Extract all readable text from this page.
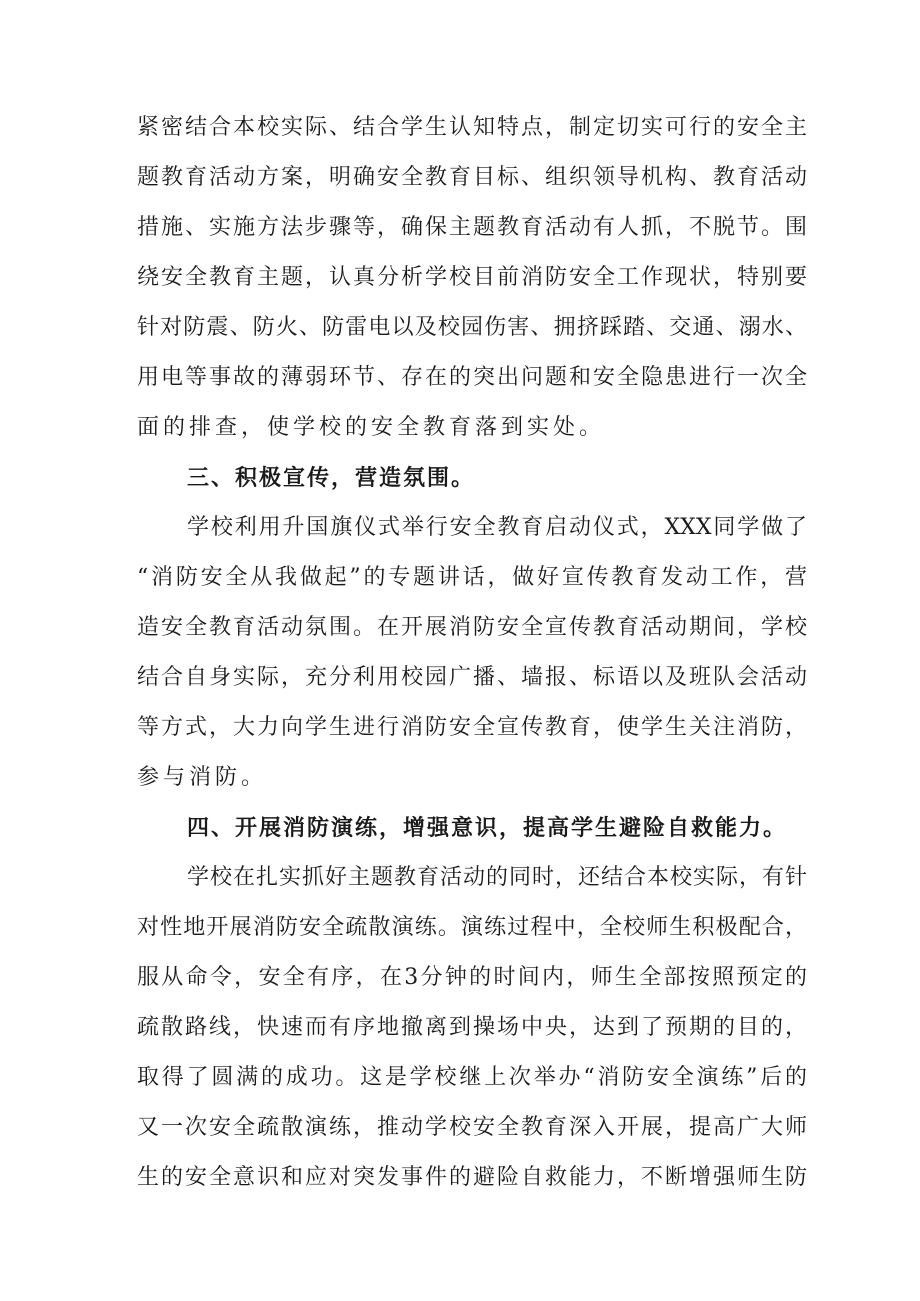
紧密结合本校实际、结合学生认知特点，制定切实可行的安全主
题教育活动方案，明确安全教育目标、组织领导机构、教育活动
措施、实施方法步骤等，确保主题教育活动有人抓，不脱节。围
绕安全教育主题，认真分析学校目前消防安全工作现状，特别要
针对防震、防火、防雷电以及校园伤害、拥挤踩踏、交通、溺水、
用电等事故的薄弱环节、存在的突出问题和安全隐患进行一次全
面的排查，使学校的安全教育落到实处。
三、积极宣传，营造氛围。
学校利用升国旗仪式举行安全教育启动仪式，XXX同学做了
“消防安全从我做起”的专题讲话，做好宣传教育发动工作，营
造安全教育活动氛围。在开展消防安全宣传教育活动期间，学校
结合自身实际，充分利用校园广播、墙报、标语以及班队会活动
等方式，大力向学生进行消防安全宣传教育，使学生关注消防，
参与消防。
四、开展消防演练，增强意识，提高学生避险自救能力。
学校在扎实抓好主题教育活动的同时，还结合本校实际，有针
对性地开展消防安全疏散演练。演练过程中，全校师生积极配合，
服从命令，安全有序，在3分钟的时间内，师生全部按照预定的
疏散路线，快速而有序地撤离到操场中央，达到了预期的目的，
取得了圆满的成功。这是学校继上次举办“消防安全演练”后的
又一次安全疏散演练，推动学校安全教育深入开展，提高广大师
生的安全意识和应对突发事件的避险自救能力，不断增强师生防
